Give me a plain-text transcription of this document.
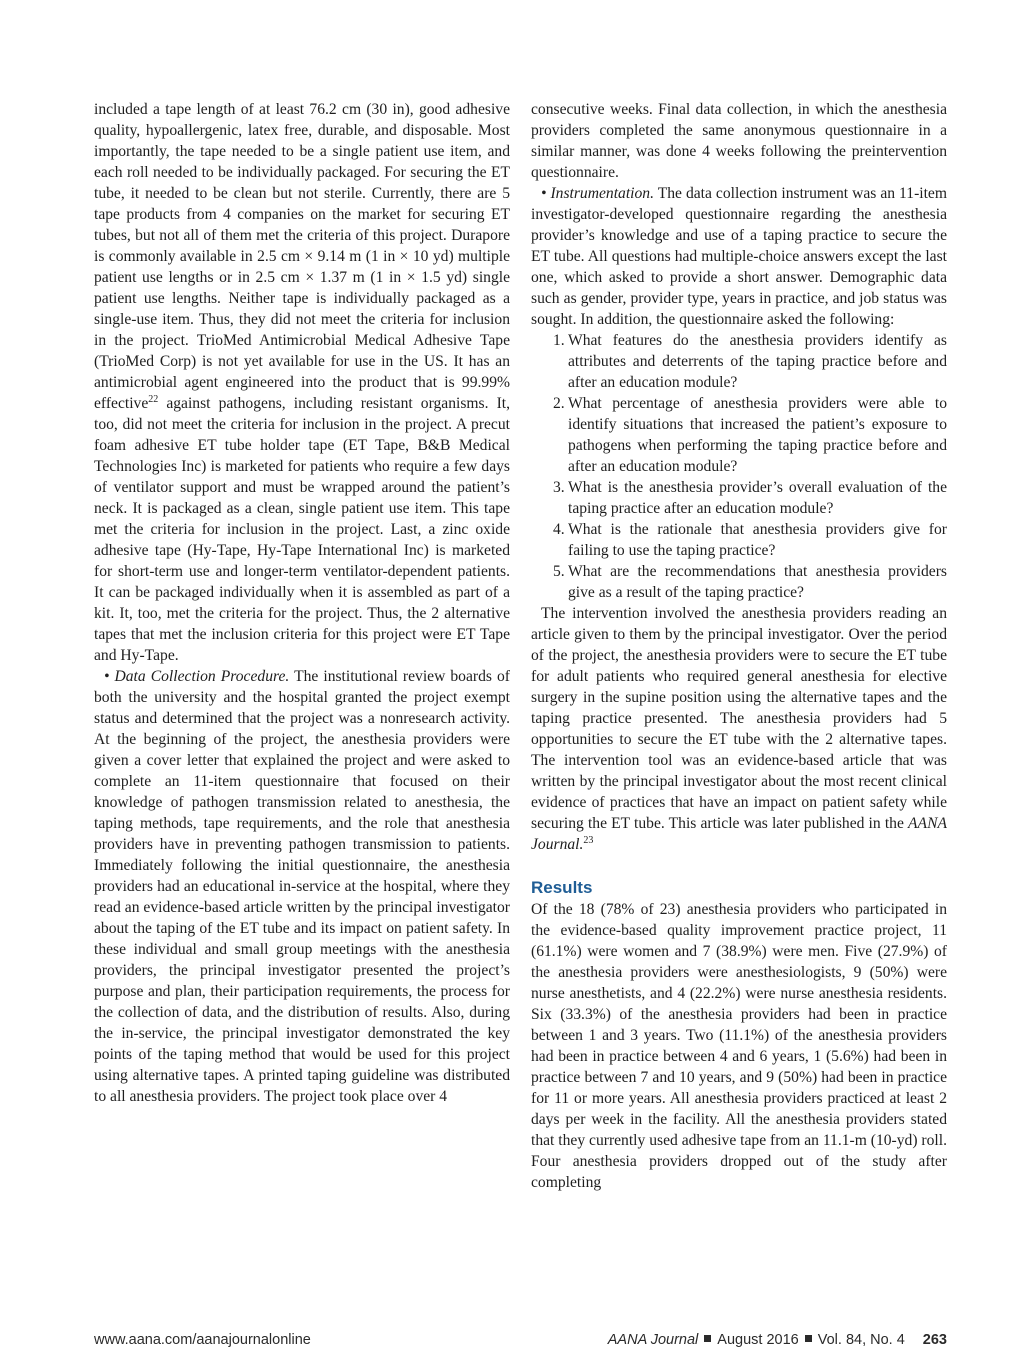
included a tape length of at least 76.2 cm (30 in), good adhesive quality, hypoallergenic, latex free, durable, and disposable. Most importantly, the tape needed to be a single patient use item, and each roll needed to be individually packaged. For securing the ET tube, it needed to be clean but not sterile. Currently, there are 5 tape products from 4 companies on the market for securing ET tubes, but not all of them met the criteria of this project. Durapore is commonly available in 2.5 cm × 9.14 m (1 in × 10 yd) multiple patient use lengths or in 2.5 cm × 1.37 m (1 in × 1.5 yd) single patient use lengths. Neither tape is individually packaged as a single-use item. Thus, they did not meet the criteria for inclusion in the project. TrioMed Antimicrobial Medical Adhesive Tape (TrioMed Corp) is not yet available for use in the US. It has an antimicrobial agent engineered into the product that is 99.99% effective$^{22}$ against pathogens, including resistant organisms. It, too, did not meet the criteria for inclusion in the project. A precut foam adhesive ET tube holder tape (ET Tape, B&B Medical Technologies Inc) is marketed for patients who require a few days of ventilator support and must be wrapped around the patient’s neck. It is packaged as a clean, single patient use item. This tape met the criteria for inclusion in the project. Last, a zinc oxide adhesive tape (Hy-Tape, Hy-Tape International Inc) is marketed for short-term use and longer-term ventilator-dependent patients. It can be packaged individually when it is assembled as part of a kit. It, too, met the criteria for the project. Thus, the 2 alternative tapes that met the inclusion criteria for this project were ET Tape and Hy-Tape.

• Data Collection Procedure. The institutional review boards of both the university and the hospital granted the project exempt status and determined that the project was a nonresearch activity. At the beginning of the project, the anesthesia providers were given a cover letter that explained the project and were asked to complete an 11-item questionnaire that focused on their knowledge of pathogen transmission related to anesthesia, the taping methods, tape requirements, and the role that anesthesia providers have in preventing pathogen transmission to patients. Immediately following the initial questionnaire, the anesthesia providers had an educational in-service at the hospital, where they read an evidence-based article written by the principal investigator about the taping of the ET tube and its impact on patient safety. In these individual and small group meetings with the anesthesia providers, the principal investigator presented the project’s purpose and plan, their participation requirements, the process for the collection of data, and the distribution of results. Also, during the in-service, the principal investigator demonstrated the key points of the taping method that would be used for this project using alternative tapes. A printed taping guideline was distributed to all anesthesia providers. The project took place over 4

consecutive weeks. Final data collection, in which the anesthesia providers completed the same anonymous questionnaire in a similar manner, was done 4 weeks following the preintervention questionnaire.

• Instrumentation. The data collection instrument was an 11-item investigator-developed questionnaire regarding the anesthesia provider’s knowledge and use of a taping practice to secure the ET tube. All questions had multiple-choice answers except the last one, which asked to provide a short answer. Demographic data such as gender, provider type, years in practice, and job status was sought. In addition, the questionnaire asked the following:

1. What features do the anesthesia providers identify as attributes and deterrents of the taping practice before and after an education module?
2. What percentage of anesthesia providers were able to identify situations that increased the patient’s exposure to pathogens when performing the taping practice before and after an education module?
3. What is the anesthesia provider’s overall evaluation of the taping practice after an education module?
4. What is the rationale that anesthesia providers give for failing to use the taping practice?
5. What are the recommendations that anesthesia providers give as a result of the taping practice?

The intervention involved the anesthesia providers reading an article given to them by the principal investigator. Over the period of the project, the anesthesia providers were to secure the ET tube for adult patients who required general anesthesia for elective surgery in the supine position using the alternative tapes and the taping practice presented. The anesthesia providers had 5 opportunities to secure the ET tube with the 2 alternative tapes. The intervention tool was an evidence-based article that was written by the principal investigator about the most recent clinical evidence of practices that have an impact on patient safety while securing the ET tube. This article was later published in the AANA Journal.$^{23}$

Results

Of the 18 (78% of 23) anesthesia providers who participated in the evidence-based quality improvement practice project, 11 (61.1%) were women and 7 (38.9%) were men. Five (27.9%) of the anesthesia providers were anesthesiologists, 9 (50%) were nurse anesthetists, and 4 (22.2%) were nurse anesthesia residents. Six (33.3%) of the anesthesia providers had been in practice between 1 and 3 years. Two (11.1%) of the anesthesia providers had been in practice between 4 and 6 years, 1 (5.6%) had been in practice between 7 and 10 years, and 9 (50%) had been in practice for 11 or more years. All anesthesia providers practiced at least 2 days per week in the facility. All the anesthesia providers stated that they currently used adhesive tape from an 11.1-m (10-yd) roll. Four anesthesia providers dropped out of the study after completing

www.aana.com/aanajournalonline	AANA Journal August 2016 Vol. 84, No. 4 263
